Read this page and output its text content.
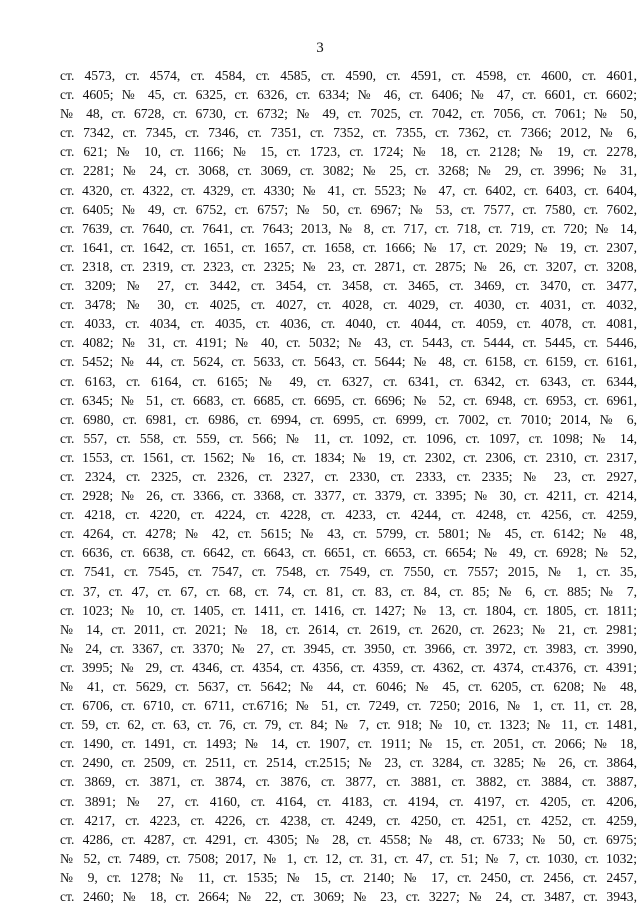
3
ст. 4573, ст. 4574, ст. 4584, ст. 4585, ст. 4590, ст. 4591, ст. 4598, ст. 4600, ст. 4601,
ст. 4605; № 45, ст. 6325, ст. 6326, ст. 6334; № 46, ст. 6406; № 47, ст. 6601, ст. 6602;
№ 48, ст. 6728, ст. 6730, ст. 6732; № 49, ст. 7025, ст. 7042, ст. 7056, ст. 7061; № 50,
ст. 7342, ст. 7345, ст. 7346, ст. 7351, ст. 7352, ст. 7355, ст. 7362, ст. 7366; 2012, № 6,
ст. 621; № 10, ст. 1166; № 15, ст. 1723, ст. 1724; № 18, ст. 2128; № 19, ст. 2278,
ст. 2281; № 24, ст. 3068, ст. 3069, ст. 3082; № 25, ст. 3268; № 29, ст. 3996; № 31,
ст. 4320, ст. 4322, ст. 4329, ст. 4330; № 41, ст. 5523; № 47, ст. 6402, ст. 6403, ст. 6404,
ст. 6405; № 49, ст. 6752, ст. 6757; № 50, ст. 6967; № 53, ст. 7577, ст. 7580, ст. 7602,
ст. 7639, ст. 7640, ст. 7641, ст. 7643; 2013, № 8, ст. 717, ст. 718, ст. 719, ст. 720; № 14,
ст. 1641, ст. 1642, ст. 1651, ст. 1657, ст. 1658, ст. 1666; № 17, ст. 2029; № 19, ст. 2307,
ст. 2318, ст. 2319, ст. 2323, ст. 2325; № 23, ст. 2871, ст. 2875; № 26, ст. 3207, ст. 3208,
ст. 3209; № 27, ст. 3442, ст. 3454, ст. 3458, ст. 3465, ст. 3469, ст. 3470, ст. 3477,
ст. 3478; № 30, ст. 4025, ст. 4027, ст. 4028, ст. 4029, ст. 4030, ст. 4031, ст. 4032,
ст. 4033, ст. 4034, ст. 4035, ст. 4036, ст. 4040, ст. 4044, ст. 4059, ст. 4078, ст. 4081,
ст. 4082; № 31, ст. 4191; № 40, ст. 5032; № 43, ст. 5443, ст. 5444, ст. 5445, ст. 5446,
ст. 5452; № 44, ст. 5624, ст. 5633, ст. 5643, ст. 5644; № 48, ст. 6158, ст. 6159, ст. 6161,
ст. 6163, ст. 6164, ст. 6165; № 49, ст. 6327, ст. 6341, ст. 6342, ст. 6343, ст. 6344,
ст. 6345; № 51, ст. 6683, ст. 6685, ст. 6695, ст. 6696; № 52, ст. 6948, ст. 6953, ст. 6961,
ст. 6980, ст. 6981, ст. 6986, ст. 6994, ст. 6995, ст. 6999, ст. 7002, ст. 7010; 2014, № 6,
ст. 557, ст. 558, ст. 559, ст. 566; № 11, ст. 1092, ст. 1096, ст. 1097, ст. 1098; № 14,
ст. 1553, ст. 1561, ст. 1562; № 16, ст. 1834; № 19, ст. 2302, ст. 2306, ст. 2310, ст. 2317,
ст. 2324, ст. 2325, ст. 2326, ст. 2327, ст. 2330, ст. 2333, ст. 2335; № 23, ст. 2927,
ст. 2928; № 26, ст. 3366, ст. 3368, ст. 3377, ст. 3379, ст. 3395; № 30, ст. 4211, ст. 4214,
ст. 4218, ст. 4220, ст. 4224, ст. 4228, ст. 4233, ст. 4244, ст. 4248, ст. 4256, ст. 4259,
ст. 4264, ст. 4278; № 42, ст. 5615; № 43, ст. 5799, ст. 5801; № 45, ст. 6142; № 48,
ст. 6636, ст. 6638, ст. 6642, ст. 6643, ст. 6651, ст. 6653, ст. 6654; № 49, ст. 6928; № 52,
ст. 7541, ст. 7545, ст. 7547, ст. 7548, ст. 7549, ст. 7550, ст. 7557; 2015, № 1, ст. 35,
ст. 37, ст. 47, ст. 67, ст. 68, ст. 74, ст. 81, ст. 83, ст. 84, ст. 85; № 6, ст. 885; № 7,
ст. 1023; № 10, ст. 1405, ст. 1411, ст. 1416, ст. 1427; № 13, ст. 1804, ст. 1805, ст. 1811;
№ 14, ст. 2011, ст. 2021; № 18, ст. 2614, ст. 2619, ст. 2620, ст. 2623; № 21, ст. 2981;
№ 24, ст. 3367, ст. 3370; № 27, ст. 3945, ст. 3950, ст. 3966, ст. 3972, ст. 3983, ст. 3990,
ст. 3995; № 29, ст. 4346, ст. 4354, ст. 4356, ст. 4359, ст. 4362, ст. 4374, ст.4376, ст. 4391;
№ 41, ст. 5629, ст. 5637, ст. 5642; № 44, ст. 6046; № 45, ст. 6205, ст. 6208; № 48,
ст. 6706, ст. 6710, ст. 6711, ст.6716; № 51, ст. 7249, ст. 7250; 2016, № 1, ст. 11, ст. 28,
ст. 59, ст. 62, ст. 63, ст. 76, ст. 79, ст. 84; № 7, ст. 918; № 10, ст. 1323; № 11, ст. 1481,
ст. 1490, ст. 1491, ст. 1493; № 14, ст. 1907, ст. 1911; № 15, ст. 2051, ст. 2066; № 18,
ст. 2490, ст. 2509, ст. 2511, ст. 2514, ст.2515; № 23, ст. 3284, ст. 3285; № 26, ст. 3864,
ст. 3869, ст. 3871, ст. 3874, ст. 3876, ст. 3877, ст. 3881, ст. 3882, ст. 3884, ст. 3887,
ст. 3891; № 27, ст. 4160, ст. 4164, ст. 4183, ст. 4194, ст. 4197, ст. 4205, ст. 4206,
ст. 4217, ст. 4223, ст. 4226, ст. 4238, ст. 4249, ст. 4250, ст. 4251, ст. 4252, ст. 4259,
ст. 4286, ст. 4287, ст. 4291, ст. 4305; № 28, ст. 4558; № 48, ст. 6733; № 50, ст. 6975;
№ 52, ст. 7489, ст. 7508; 2017, № 1, ст. 12, ст. 31, ст. 47, ст. 51; № 7, ст. 1030, ст. 1032;
№ 9, ст. 1278; № 11, ст. 1535; № 15, ст. 2140; № 17, ст. 2450, ст. 2456, ст. 2457,
ст. 2460; № 18, ст. 2664; № 22, ст. 3069; № 23, ст. 3227; № 24, ст. 3487, ст. 3943,
